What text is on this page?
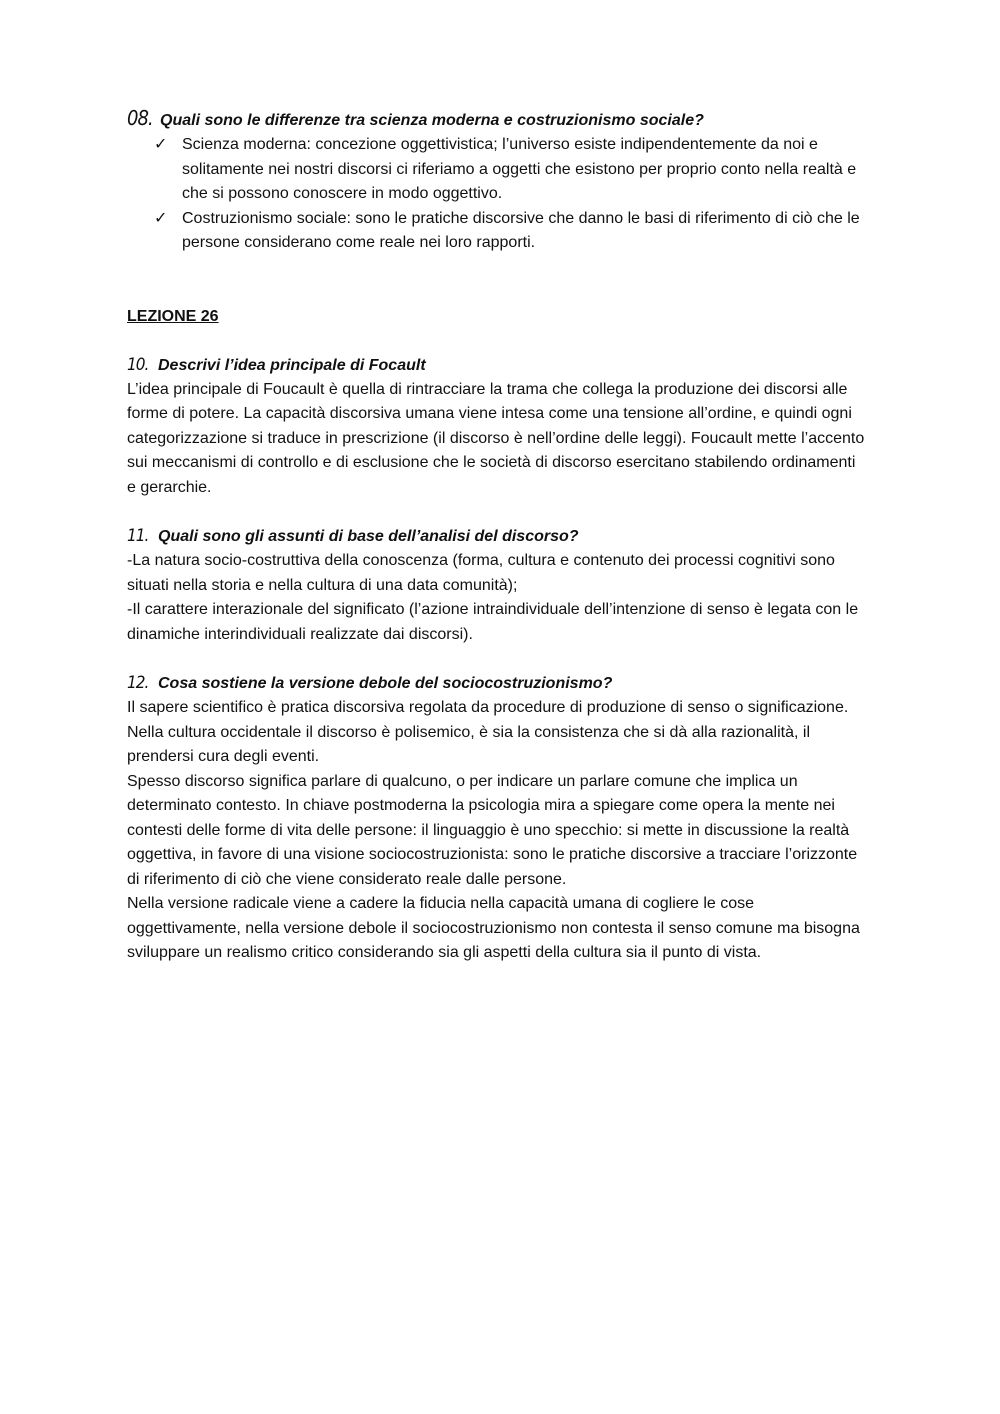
08. Quali sono le differenze tra scienza moderna e costruzionismo sociale?
✓ Scienza moderna: concezione oggettivistica; l’universo esiste indipendentemente da noi e solitamente nei nostri discorsi ci riferiamo a oggetti che esistono per proprio conto nella realtà e che si possono conoscere in modo oggettivo.
✓ Costruzionismo sociale: sono le pratiche discorsive che danno le basi di riferimento di ciò che le persone considerano come reale nei loro rapporti.
LEZIONE 26
10. Descrivi l’idea principale di Focault
L’idea principale di Foucault è quella di rintracciare la trama che collega la produzione dei discorsi alle forme di potere. La capacità discorsiva umana viene intesa come una tensione all’ordine, e quindi ogni categorizzazione si traduce in prescrizione (il discorso è nell’ordine delle leggi). Foucault mette l’accento sui meccanismi di controllo e di esclusione che le società di discorso esercitano stabilendo ordinamenti e gerarchie.
11. Quali sono gli assunti di base dell’analisi del discorso?
-La natura socio-costruttiva della conoscenza (forma, cultura e contenuto dei processi cognitivi sono situati nella storia e nella cultura di una data comunità);
-Il carattere interazionale del significato (l’azione intraindividuale dell’intenzione di senso è legata con le dinamiche interindividuali realizzate dai discorsi).
12. Cosa sostiene la versione debole del sociocostruzionismo?
Il sapere scientifico è pratica discorsiva regolata da procedure di produzione di senso o significazione. Nella cultura occidentale il discorso è polisemico, è sia la consistenza che si dà alla razionalità, il prendersi cura degli eventi.
Spesso discorso significa parlare di qualcuno, o per indicare un parlare comune che implica un determinato contesto. In chiave postmoderna la psicologia mira a spiegare come opera la mente nei contesti delle forme di vita delle persone: il linguaggio è uno specchio: si mette in discussione la realtà oggettiva, in favore di una visione sociocostruzionista: sono le pratiche discorsive a tracciare l’orizzonte di riferimento di ciò che viene considerato reale dalle persone.
Nella versione radicale viene a cadere la fiducia nella capacità umana di cogliere le cose oggettivamente, nella versione debole il sociocostruzionismo non contesta il senso comune ma bisogna sviluppare un realismo critico considerando sia gli aspetti della cultura sia il punto di vista.
